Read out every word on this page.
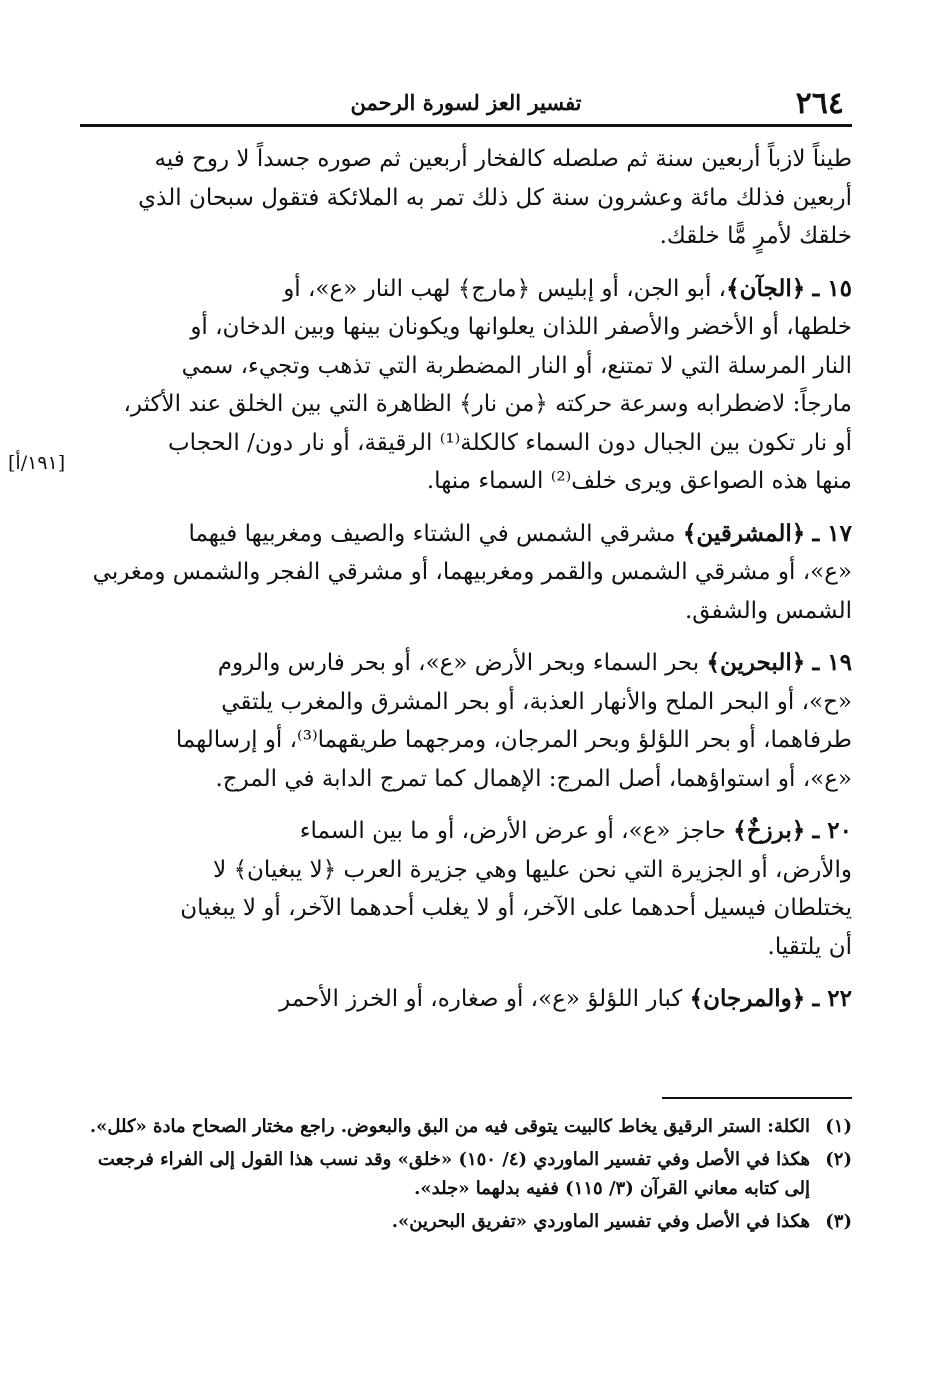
٢٦٤
تفسير العز لسورة الرحمن
[١٩١/أ]

طيناً لازباً أربعين سنة ثم صلصله كالفخار أربعين ثم صوره جسداً لا روح فيه
أربعين فذلك مائة وعشرون سنة كل ذلك تمر به الملائكة فتقول سبحان الذي
خلقك لأمرٍ مًّا خلقك.

١٥ ـ ﴿الجآن﴾، أبو الجن، أو إبليس ﴿مارج﴾ لهب النار «ع»، أو
خلطها، أو الأخضر والأصفر اللذان يعلوانها ويكونان بينها وبين الدخان، أو
النار المرسلة التي لا تمتنع، أو النار المضطربة التي تذهب وتجيء، سمي
مارجاً: لاضطرابه وسرعة حركته ﴿من نار﴾ الظاهرة التي بين الخلق عند الأكثر،
أو نار تكون بين الجبال دون السماء كالكلة⁽¹⁾ الرقيقة، أو نار دون/ الحجاب
منها هذه الصواعق ويرى خلف⁽²⁾ السماء منها.

١٧ ـ ﴿المشرقين﴾ مشرقي الشمس في الشتاء والصيف ومغربيها فيهما
«ع»، أو مشرقي الشمس والقمر ومغربيهما، أو مشرقي الفجر والشمس ومغربي
الشمس والشفق.

١٩ ـ ﴿البحرين﴾ بحر السماء وبحر الأرض «ع»، أو بحر فارس والروم
«ح»، أو البحر الملح والأنهار العذبة، أو بحر المشرق والمغرب يلتقي
طرفاهما، أو بحر اللؤلؤ وبحر المرجان، ومرجهما طريقهما⁽³⁾، أو إرسالهما
«ع»، أو استواؤهما، أصل المرج: الإهمال كما تمرج الدابة في المرج.

٢٠ ـ ﴿برزخٌ﴾ حاجز «ع»، أو عرض الأرض، أو ما بين السماء
والأرض، أو الجزيرة التي نحن عليها وهي جزيرة العرب ﴿لا يبغيان﴾ لا
يختلطان فيسيل أحدهما على الآخر، أو لا يغلب أحدهما الآخر، أو لا يبغيان
أن يلتقيا.

٢٢ ـ ﴿والمرجان﴾ كبار اللؤلؤ «ع»، أو صغاره، أو الخرز الأحمر

(١)
الكلة: الستر الرقيق يخاط كالبيت يتوقى فيه من البق والبعوض. راجع مختار الصحاح مادة «كلل».
(٢)
هكذا في الأصل وفي تفسير الماوردي (٤/ ١٥٠) «خلق» وقد نسب هذا القول إلى الفراء فرجعت إلى كتابه معاني القرآن (٣/ ١١٥) ففيه بدلهما «جلد».
(٣)
هكذا في الأصل وفي تفسير الماوردي «تفريق البحرين».
